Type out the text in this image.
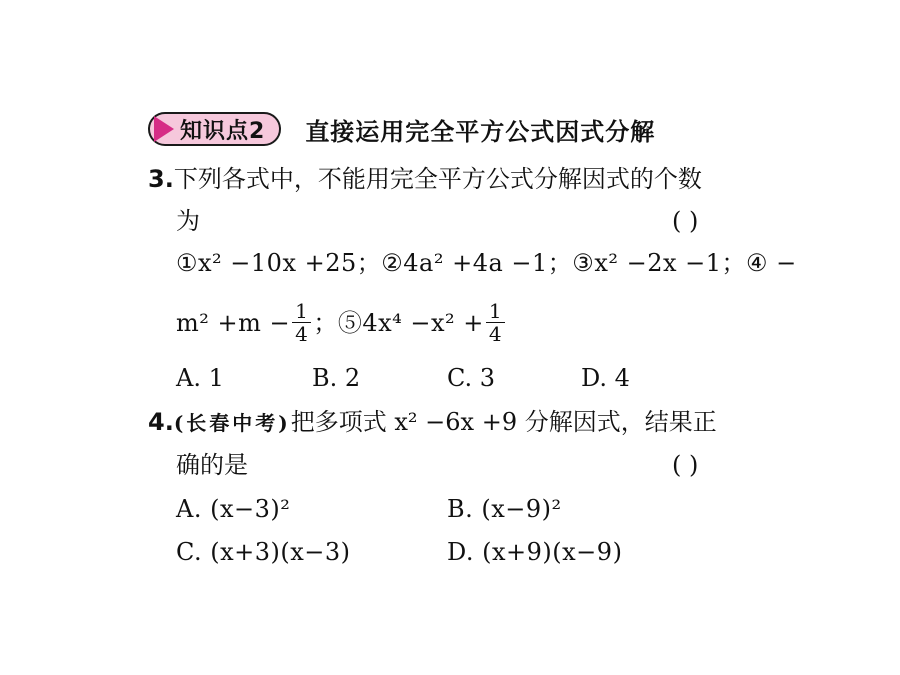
知识点2 直接运用完全平方公式因式分解
3.下列各式中，不能用完全平方公式分解因式的个数
为	( )
①x² −10x +25；②4a² +4a −1；③x² −2x −1；④ −
$m^2 +m - \frac{1}{4}$ ；⑤4x⁴ $-x^2 + \frac{1}{4}$
A. 1	B. 2	C. 3	D. 4
4.(长春中考)把多项式 x² −6x +9 分解因式，结果正
确的是	( )
A. (x−3)²	B. (x−9)²
C. (x+3)(x−3)	D. (x+9)(x−9)
